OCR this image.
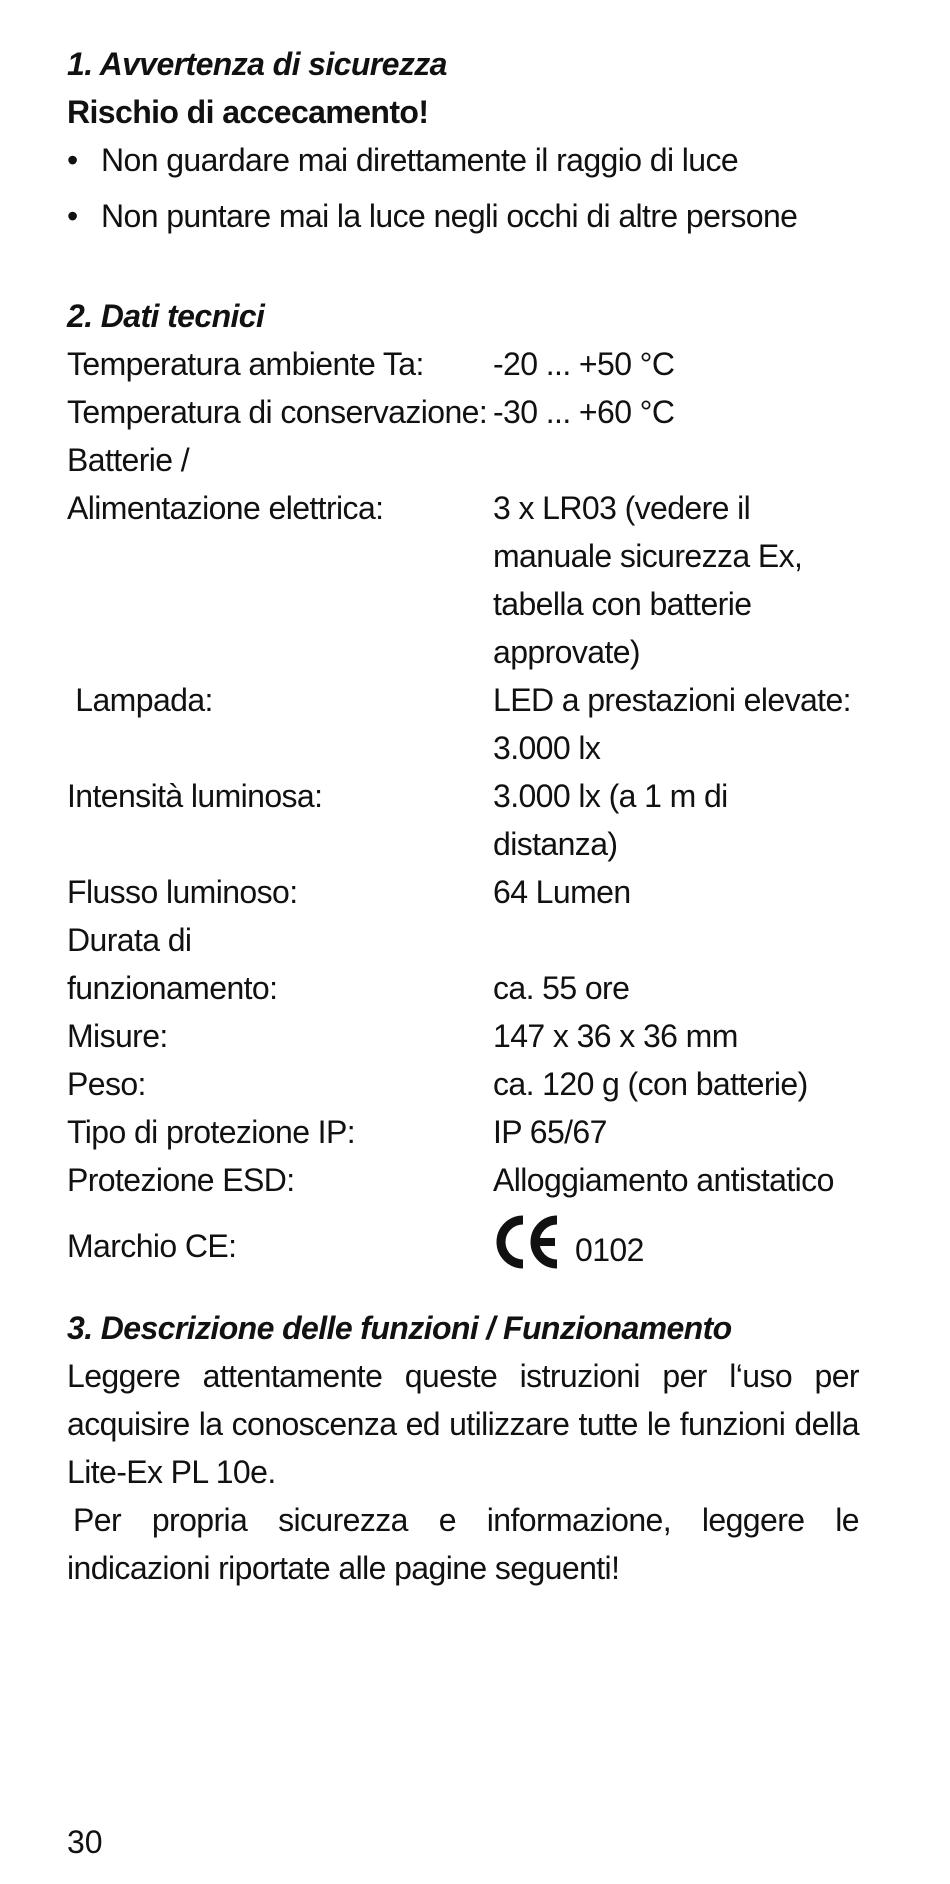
1. Avvertenza di sicurezza

Rischio di accecamento!

• Non guardare mai direttamente il raggio di luce
• Non puntare mai la luce negli occhi di altre persone

2. Dati tecnici

Temperatura ambiente Ta:	-20 ... +50 °C
Temperatura di conservazione: -30 ... +60 °C
Batterie /
Alimentazione elettrica:	3 x LR03 (vedere il
manuale sicurezza Ex,
tabella con batterie
approvate)
Lampada:	LED a prestazioni elevate:
3.000 lx
Intensità luminosa:	3.000 lx (a 1 m di
distanza)
Flusso luminoso:	64 Lumen
Durata di
funzionamento:	ca. 55 ore
Misure:	147 x 36 x 36 mm
Peso:	ca. 120 g (con batterie)
Tipo di protezione IP:	IP 65/67
Protezione ESD:	Alloggiamento antistatico
Marchio CE:	0102

3. Descrizione delle funzioni / Funzionamento

Leggere attentamente queste istruzioni per l‘uso per acquisire la conoscenza ed utilizzare tutte le funzioni della Lite-Ex PL 10e.

Per propria sicurezza e informazione, leggere le indicazioni riportate alle pagine seguenti!

30
